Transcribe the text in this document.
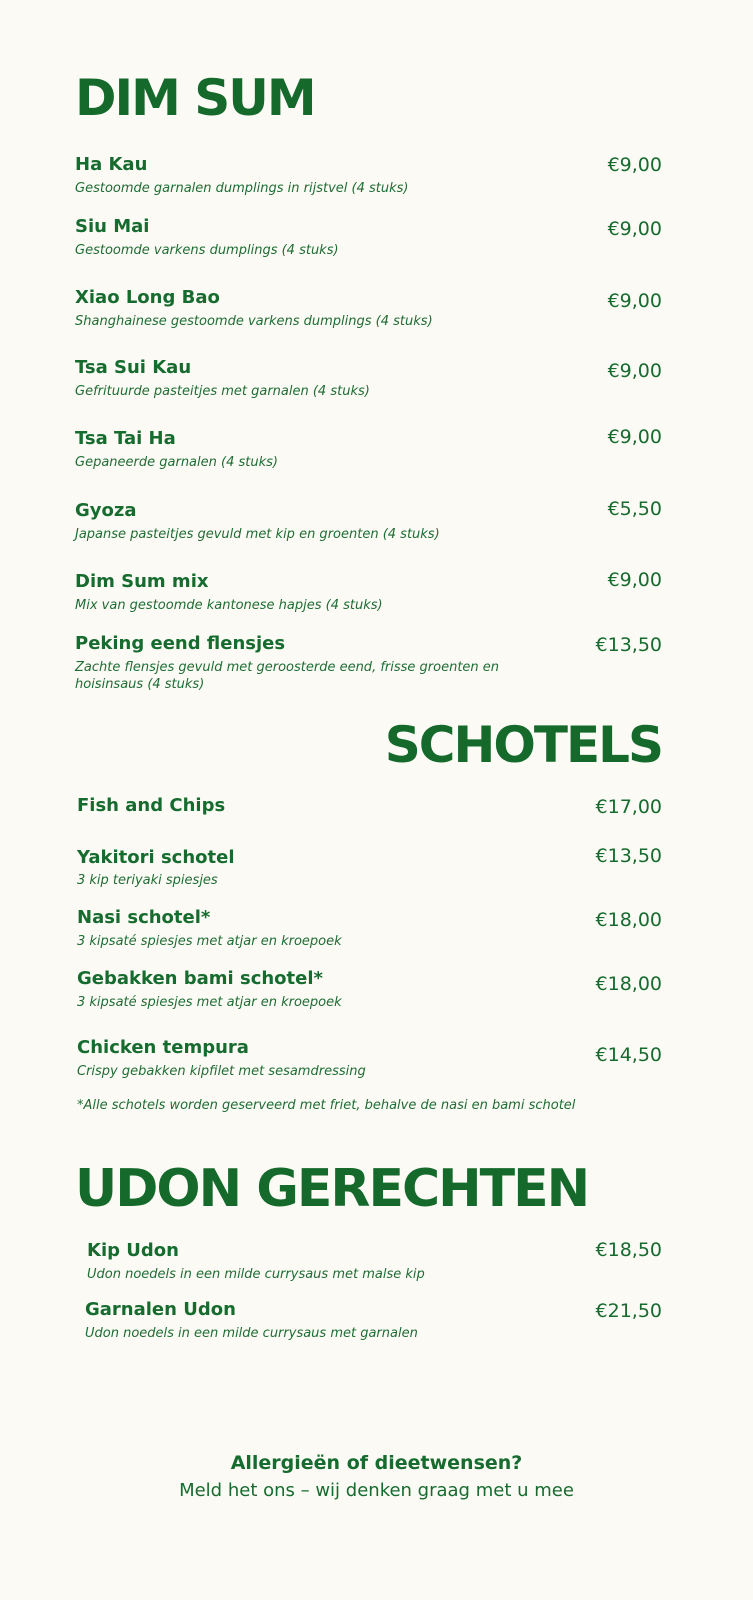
DIM SUM
Ha Kau
Gestoomde garnalen dumplings in rijstvel (4 stuks)
€9,00
Siu Mai
Gestoomde varkens dumplings (4 stuks)
€9,00
Xiao Long Bao
Shanghainese gestoomde varkens dumplings (4 stuks)
€9,00
Tsa Sui Kau
Gefrituurde pasteitjes met garnalen (4 stuks)
€9,00
Tsa Tai Ha
Gepaneerde garnalen (4 stuks)
€9,00
Gyoza
Japanse pasteitjes gevuld met kip en groenten (4 stuks)
€5,50
Dim Sum mix
Mix van gestoomde kantonese hapjes (4 stuks)
€9,00
Peking eend flensjes
Zachte flensjes gevuld met geroosterde eend, frisse groenten en hoisinsaus (4 stuks)
€13,50
SCHOTELS
Fish and Chips	€17,00
Yakitori schotel
3 kip teriyaki spiesjes
€13,50
Nasi schotel*
3 kipsaté spiesjes met atjar en kroepoek
€18,00
Gebakken bami schotel*
3 kipsaté spiesjes met atjar en kroepoek
€18,00
Chicken tempura
Crispy gebakken kipfilet met sesamdressing
€14,50
*Alle schotels worden geserveerd met friet, behalve de nasi en bami schotel
UDON GERECHTEN
Kip Udon
Udon noedels in een milde currysaus met malse kip
€18,50
Garnalen Udon
Udon noedels in een milde currysaus met garnalen
€21,50
Allergieën of dieetwensen?
Meld het ons – wij denken graag met u mee
